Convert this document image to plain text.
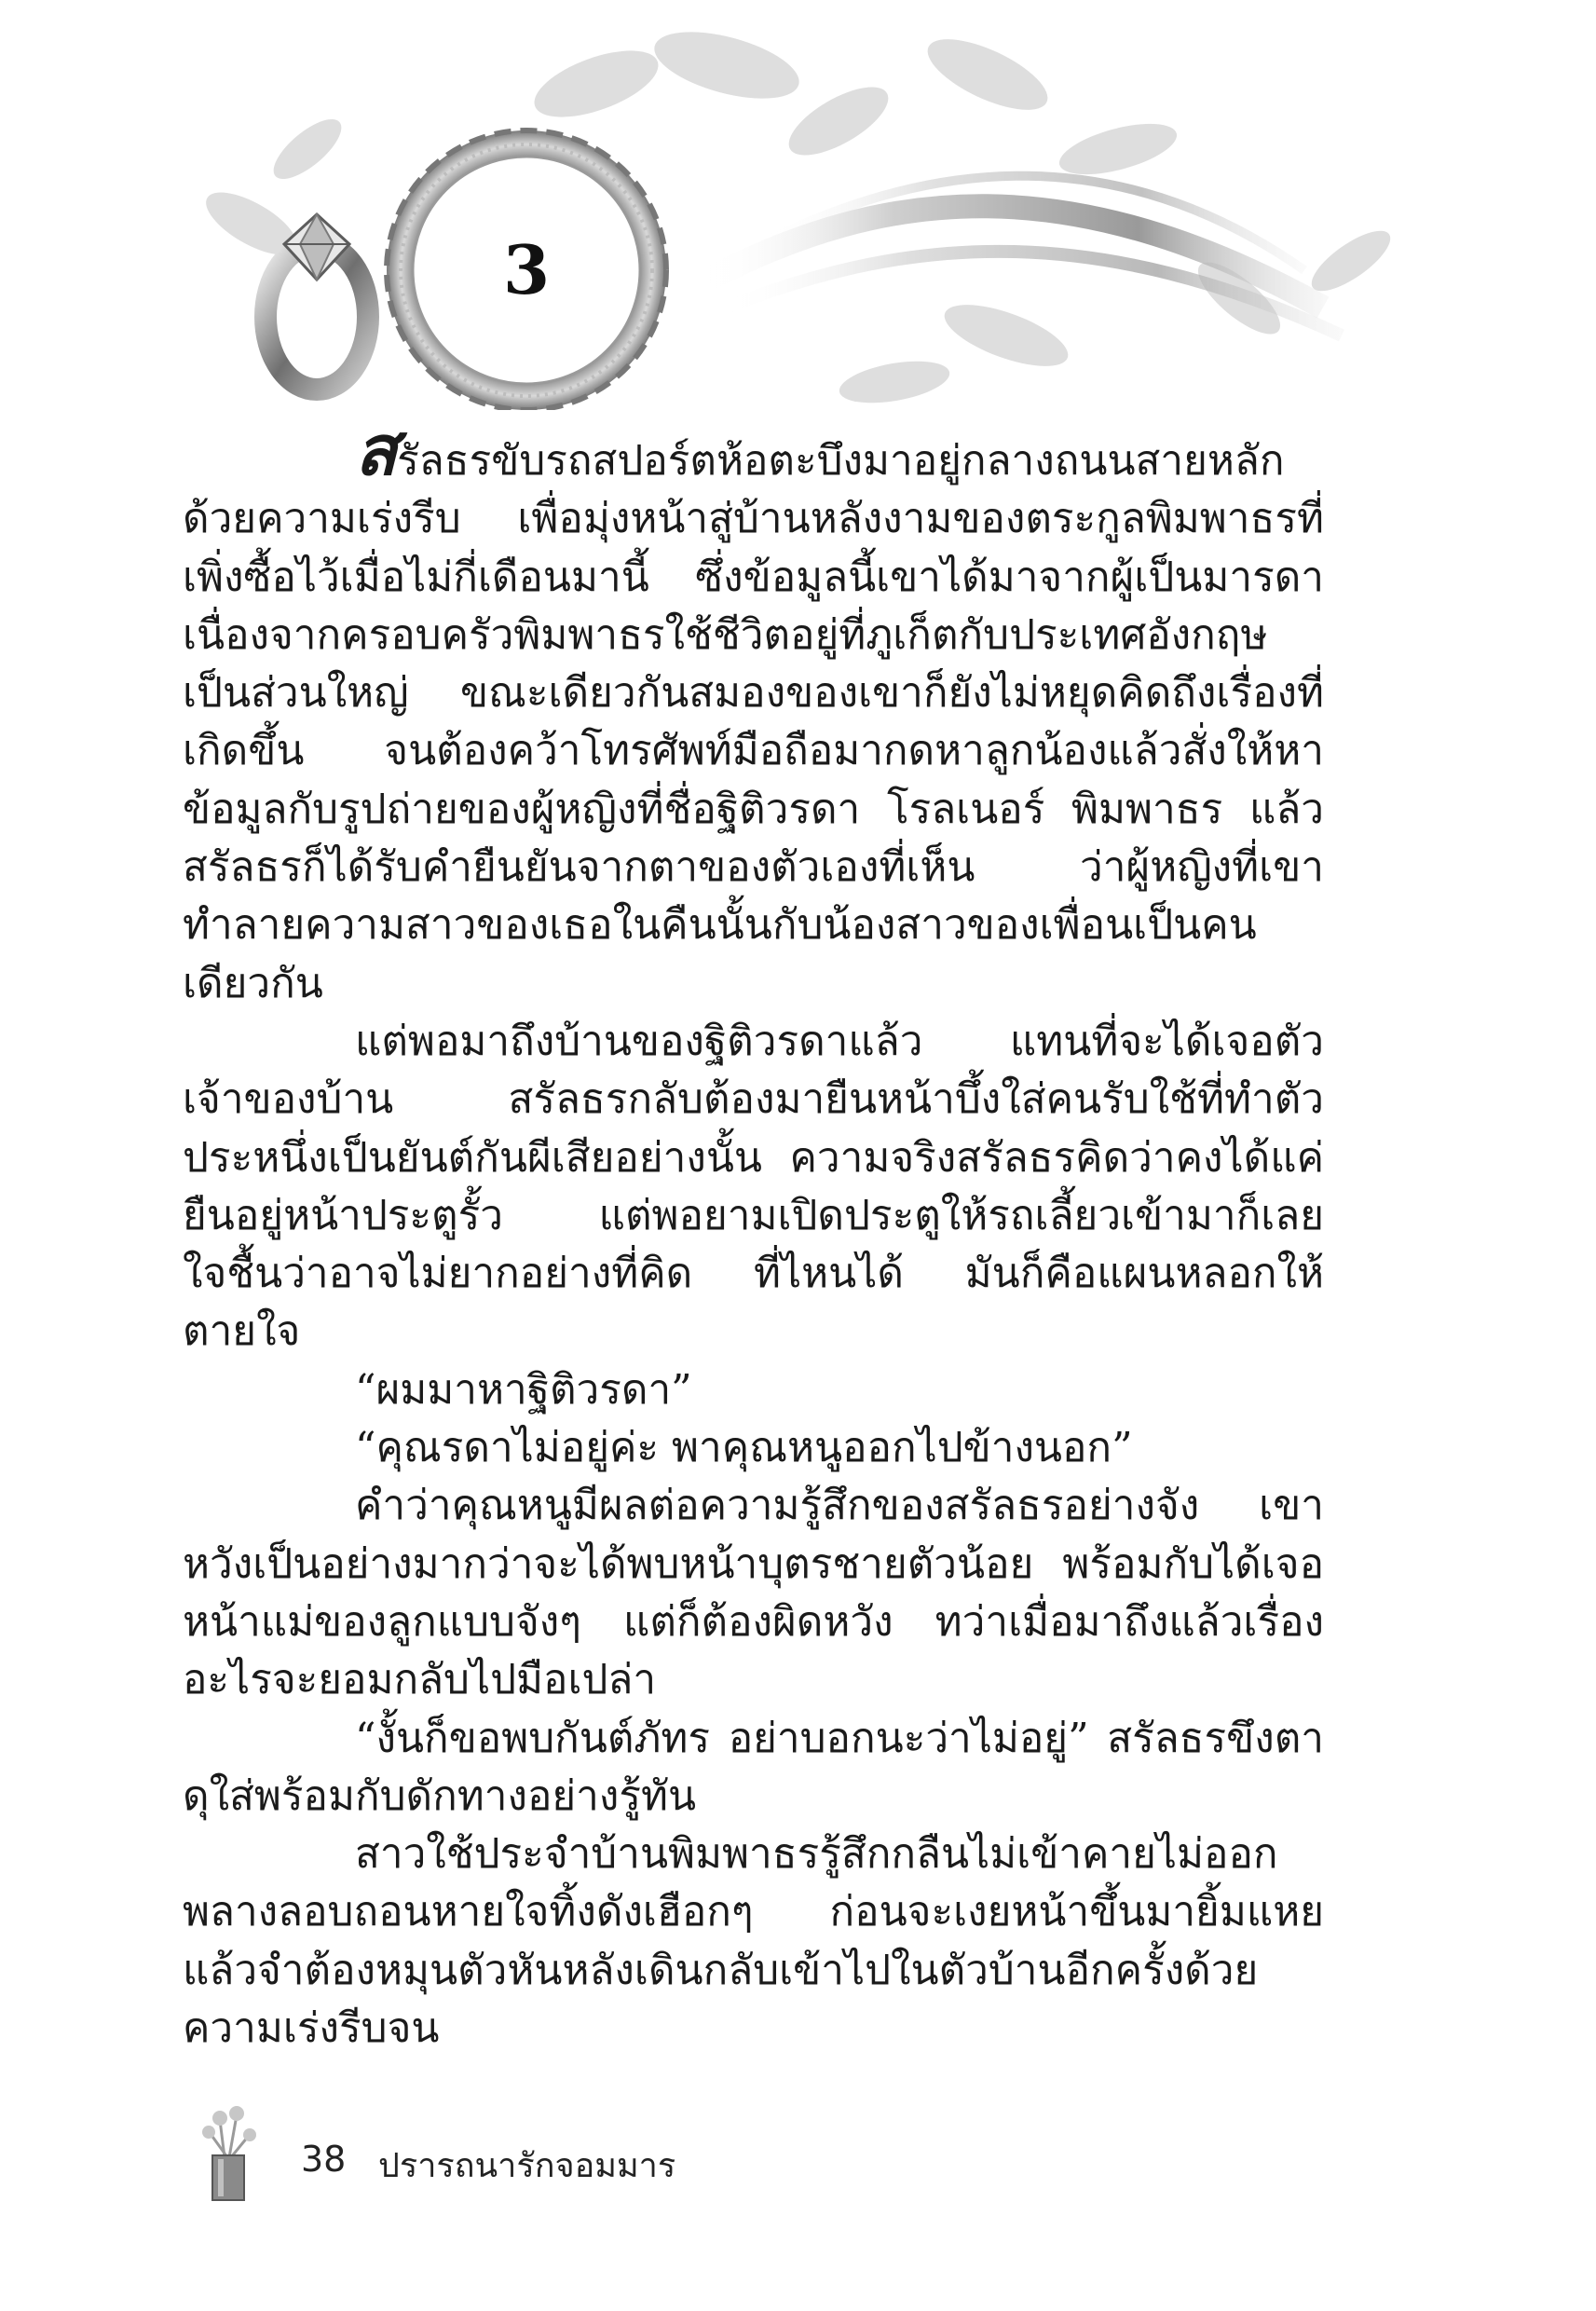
3

สรัลธรขับรถสปอร์ตห้อตะบึงมาอยู่กลางถนนสายหลักด้วยความเร่งรีบ เพื่อมุ่งหน้าสู่บ้านหลังงามของตระกูลพิมพาธรที่เพิ่งซื้อไว้เมื่อไม่กี่เดือนมานี้ ซึ่งข้อมูลนี้เขาได้มาจากผู้เป็นมารดา เนื่องจากครอบครัวพิมพาธรใช้ชีวิตอยู่ที่ภูเก็ตกับประเทศอังกฤษเป็นส่วนใหญ่ ขณะเดียวกันสมองของเขาก็ยังไม่หยุดคิดถึงเรื่องที่เกิดขึ้น จนต้องคว้าโทรศัพท์มือถือมากดหาลูกน้องแล้วสั่งให้หาข้อมูลกับรูปถ่ายของผู้หญิงที่ชื่อฐิติวรดา โรลเนอร์ พิมพาธร แล้วสรัลธรก็ได้รับคำยืนยันจากตาของตัวเองที่เห็น ว่าผู้หญิงที่เขาทำลายความสาวของเธอในคืนนั้นกับน้องสาวของเพื่อนเป็นคนเดียวกัน

แต่พอมาถึงบ้านของฐิติวรดาแล้ว แทนที่จะได้เจอตัวเจ้าของบ้าน สรัลธรกลับต้องมายืนหน้าบึ้งใส่คนรับใช้ที่ทำตัวประหนึ่งเป็นยันต์กันผีเสียอย่างนั้น ความจริงสรัลธรคิดว่าคงได้แค่ยืนอยู่หน้าประตูรั้ว แต่พอยามเปิดประตูให้รถเลี้ยวเข้ามาก็เลยใจชื้นว่าอาจไม่ยากอย่างที่คิด ที่ไหนได้ มันก็คือแผนหลอกให้ตายใจ

“ผมมาหาฐิติวรดา”

“คุณรดาไม่อยู่ค่ะ พาคุณหนูออกไปข้างนอก”

คำว่าคุณหนูมีผลต่อความรู้สึกของสรัลธรอย่างจัง เขาหวังเป็นอย่างมากว่าจะได้พบหน้าบุตรชายตัวน้อย พร้อมกับได้เจอหน้าแม่ของลูกแบบจังๆ แต่ก็ต้องผิดหวัง ทว่าเมื่อมาถึงแล้วเรื่องอะไรจะยอมกลับไปมือเปล่า

“งั้นก็ขอพบกันต์ภัทร อย่าบอกนะว่าไม่อยู่” สรัลธรขึงตาดุใส่พร้อมกับดักทางอย่างรู้ทัน

สาวใช้ประจำบ้านพิมพาธรรู้สึกกลืนไม่เข้าคายไม่ออก พลางลอบถอนหายใจทิ้งดังเฮือกๆ ก่อนจะเงยหน้าขึ้นมายิ้มแหย แล้วจำต้องหมุนตัวหันหลังเดินกลับเข้าไปในตัวบ้านอีกครั้งด้วยความเร่งรีบจน

38 ปรารถนารักจอมมาร
